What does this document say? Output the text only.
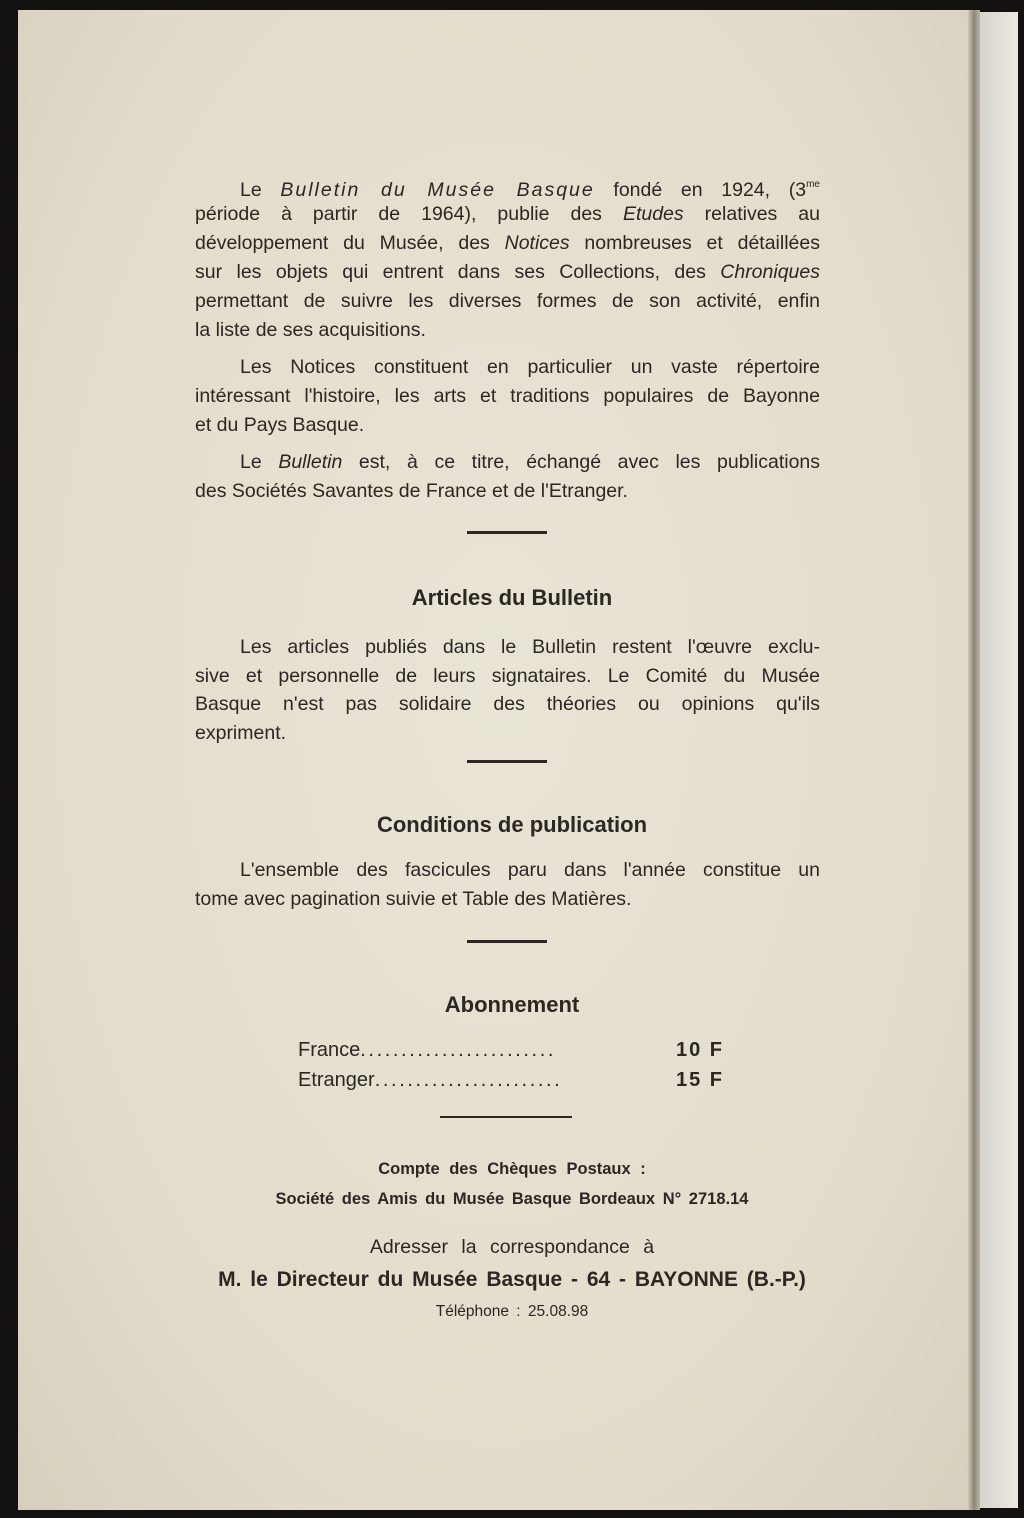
Le Bulletin du Musée Basque fondé en 1924, ($3^{me}$
période à partir de 1964), publie des Etudes relatives au
développement du Musée, des Notices nombreuses et détaillées
sur les objets qui entrent dans ses Collections, des Chroniques
permettant de suivre les diverses formes de son activité, enfin
la liste de ses acquisitions.
Les Notices constituent en particulier un vaste répertoire
intéressant l'histoire, les arts et traditions populaires de Bayonne
et du Pays Basque.
Le Bulletin est, à ce titre, échangé avec les publications
des Sociétés Savantes de France et de l'Etranger.
Articles du Bulletin
Les articles publiés dans le Bulletin restent l'œuvre exclu-
sive et personnelle de leurs signataires. Le Comité du Musée
Basque n'est pas solidaire des théories ou opinions qu'ils
expriment.
Conditions de publication
L'ensemble des fascicules paru dans l'année constitue un
tome avec pagination suivie et Table des Matières.
Abonnement
France........................	10 F
Etranger.......................	15 F
Compte des Chèques Postaux :
Société des Amis du Musée Basque Bordeaux N° 2718.14
Adresser la correspondance à
M. le Directeur du Musée Basque - 64 - BAYONNE (B.-P.)
Téléphone : 25.08.98
